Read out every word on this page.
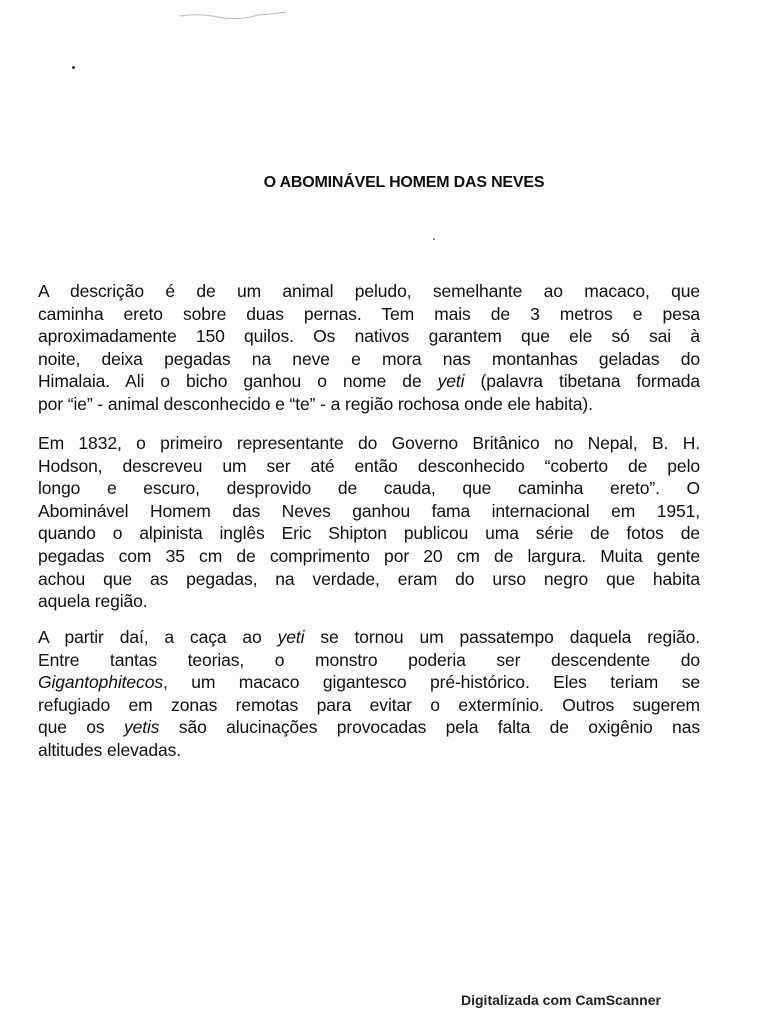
O ABOMINÁVEL HOMEM DAS NEVES
A descrição é de um animal peludo, semelhante ao macaco, que
caminha ereto sobre duas pernas. Tem mais de 3 metros e pesa
aproximadamente 150 quilos. Os nativos garantem que ele só sai à
noite, deixa pegadas na neve e mora nas montanhas geladas do
Himalaia. Ali o bicho ganhou o nome de yeti (palavra tibetana formada
por “ie” - animal desconhecido e “te” - a região rochosa onde ele habita).
Em 1832, o primeiro representante do Governo Britânico no Nepal, B. H.
Hodson, descreveu um ser até então desconhecido “coberto de pelo
longo e escuro, desprovido de cauda, que caminha ereto”. O
Abominável Homem das Neves ganhou fama internacional em 1951,
quando o alpinista inglês Eric Shipton publicou uma série de fotos de
pegadas com 35 cm de comprimento por 20 cm de largura. Muita gente
achou que as pegadas, na verdade, eram do urso negro que habita
aquela região.
A partir daí, a caça ao yeti se tornou um passatempo daquela região.
Entre tantas teorias, o monstro poderia ser descendente do
Gigantophitecos, um macaco gigantesco pré-histórico. Eles teriam se
refugiado em zonas remotas para evitar o extermínio. Outros sugerem
que os yetis são alucinações provocadas pela falta de oxigênio nas
altitudes elevadas.
Digitalizada com CamScanner
